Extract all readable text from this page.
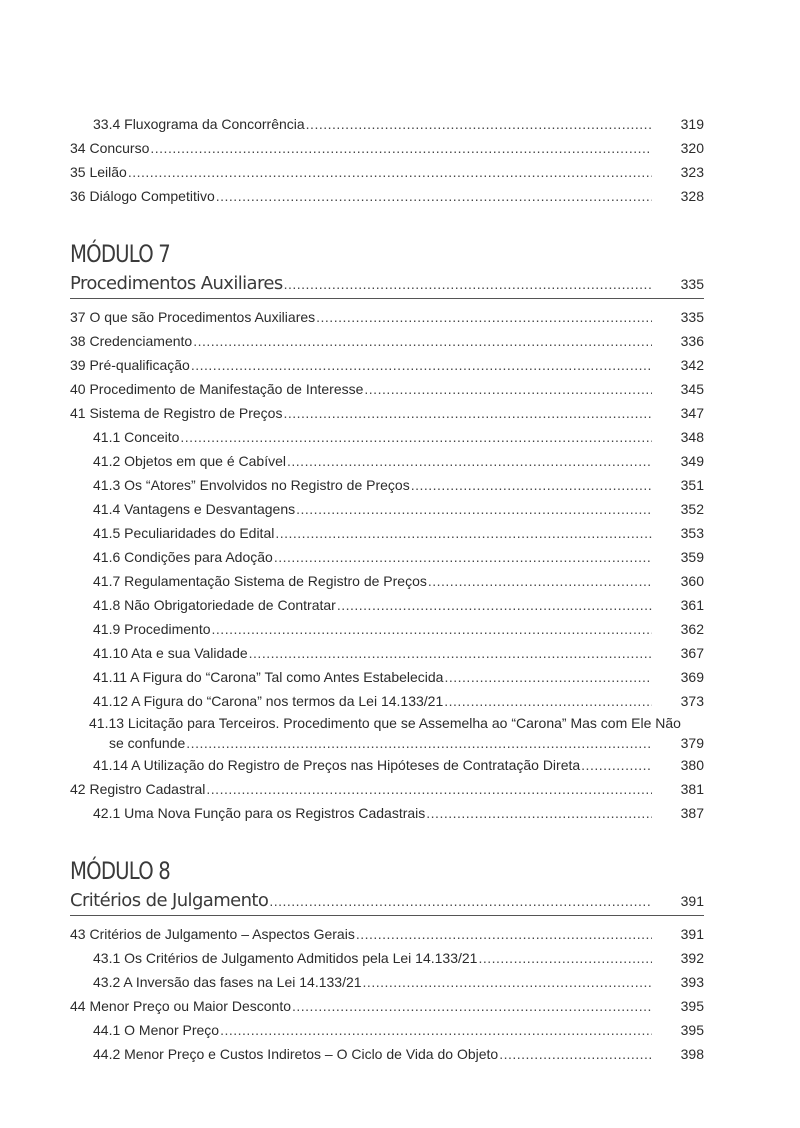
33.4 Fluxograma da Concorrência .....	319
34 Concurso .....	320
35 Leilão .....	323
36 Diálogo Competitivo .....	328
MÓDULO 7
Procedimentos Auxiliares .....	335
37 O que são Procedimentos Auxiliares .....	335
38 Credenciamento .....	336
39 Pré-qualificação .....	342
40 Procedimento de Manifestação de Interesse .....	345
41 Sistema de Registro de Preços .....	347
41.1 Conceito .....	348
41.2 Objetos em que é Cabível .....	349
41.3 Os “Atores” Envolvidos no Registro de Preços .....	351
41.4 Vantagens e Desvantagens .....	352
41.5 Peculiaridades do Edital .....	353
41.6 Condições para Adoção .....	359
41.7 Regulamentação Sistema de Registro de Preços .....	360
41.8 Não Obrigatoriedade de Contratar .....	361
41.9 Procedimento .....	362
41.10 Ata e sua Validade .....	367
41.11 A Figura do “Carona” Tal como Antes Estabelecida .....	369
41.12 A Figura do “Carona” nos termos da Lei 14.133/21 .....	373
41.13 Licitação para Terceiros. Procedimento que se Assemelha ao “Carona” Mas com Ele Não
se confunde .....	379
41.14 A Utilização do Registro de Preços nas Hipóteses de Contratação Direta .....	380
42 Registro Cadastral .....	381
42.1 Uma Nova Função para os Registros Cadastrais .....	387
MÓDULO 8
Critérios de Julgamento .....	391
43 Critérios de Julgamento – Aspectos Gerais .....	391
43.1 Os Critérios de Julgamento Admitidos pela Lei 14.133/21 .....	392
43.2 A Inversão das fases na Lei 14.133/21 .....	393
44 Menor Preço ou Maior Desconto .....	395
44.1 O Menor Preço .....	395
44.2 Menor Preço e Custos Indiretos – O Ciclo de Vida do Objeto .....	398
